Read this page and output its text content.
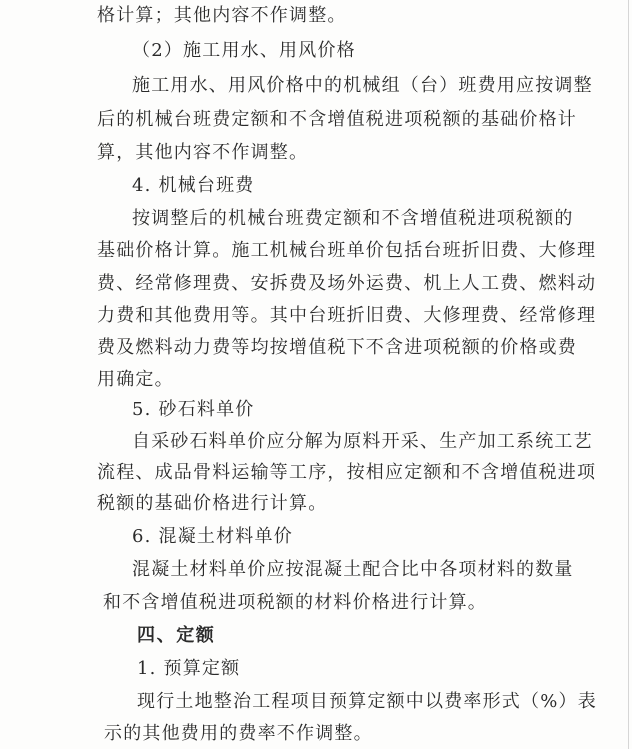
格计算；其他内容不作调整。
（2）施工用水、用风价格
施工用水、用风价格中的机械组（台）班费用应按调整
后的机械台班费定额和不含增值税进项税额的基础价格计
算，其他内容不作调整。
4. 机械台班费
按调整后的机械台班费定额和不含增值税进项税额的
基础价格计算。施工机械台班单价包括台班折旧费、大修理
费、经常修理费、安拆费及场外运费、机上人工费、燃料动
力费和其他费用等。其中台班折旧费、大修理费、经常修理
费及燃料动力费等均按增值税下不含进项税额的价格或费
用确定。
5. 砂石料单价
自采砂石料单价应分解为原料开采、生产加工系统工艺
流程、成品骨料运输等工序，按相应定额和不含增值税进项
税额的基础价格进行计算。
6. 混凝土材料单价
混凝土材料单价应按混凝土配合比中各项材料的数量
和不含增值税进项税额的材料价格进行计算。
四、定额
1. 预算定额
现行土地整治工程项目预算定额中以费率形式（%）表
示的其他费用的费率不作调整。
